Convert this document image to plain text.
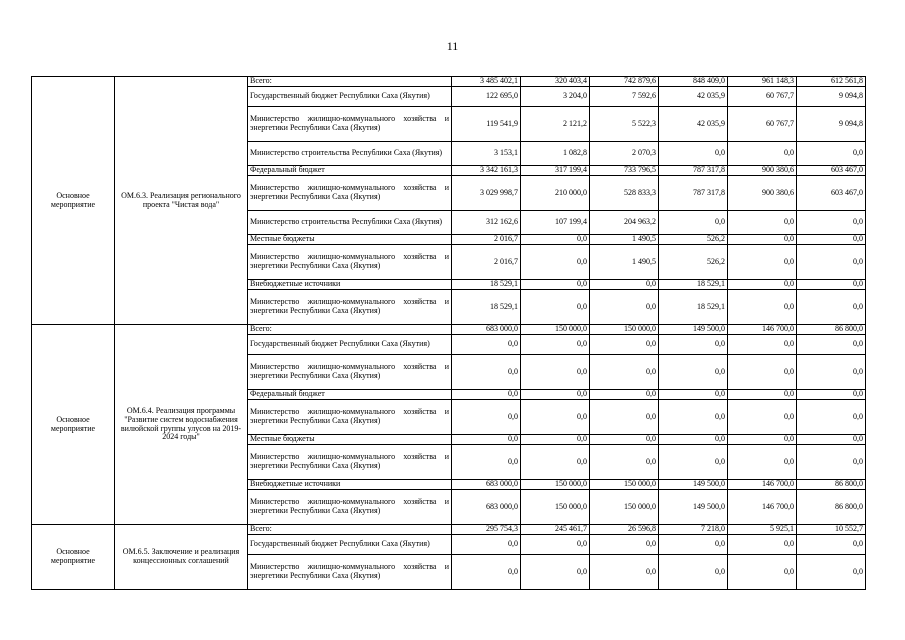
11
Основное мероприятие	ОМ.6.3. Реализация регионального проекта "Чистая вода"	Всего:	3 485 402,1	320 403,4	742 879,6	848 409,0	961 148,3	612 561,8
		Государственный бюджет Республики Саха (Якутия)	122 695,0	3 204,0	7 592,6	42 035,9	60 767,7	9 094,8
		Министерство жилищно-коммунального хозяйства и энергетики Республики Саха (Якутия)	119 541,9	2 121,2	5 522,3	42 035,9	60 767,7	9 094,8
		Министерство строительства Республики Саха (Якутия)	3 153,1	1 082,8	2 070,3	0,0	0,0	0,0
		Федеральный бюджет	3 342 161,3	317 199,4	733 796,5	787 317,8	900 380,6	603 467,0
		Министерство жилищно-коммунального хозяйства и энергетики Республики Саха (Якутия)	3 029 998,7	210 000,0	528 833,3	787 317,8	900 380,6	603 467,0
		Министерство строительства Республики Саха (Якутия)	312 162,6	107 199,4	204 963,2	0,0	0,0	0,0
		Местные бюджеты	2 016,7	0,0	1 490,5	526,2	0,0	0,0
		Министерство жилищно-коммунального хозяйства и энергетики Республики Саха (Якутия)	2 016,7	0,0	1 490,5	526,2	0,0	0,0
		Внебюджетные источники	18 529,1	0,0	0,0	18 529,1	0,0	0,0
		Министерство жилищно-коммунального хозяйства и энергетики Республики Саха (Якутия)	18 529,1	0,0	0,0	18 529,1	0,0	0,0
Основное мероприятие	ОМ.6.4. Реализация программы "Развитие систем водоснабжения вилюйской группы улусов на 2019-2024 годы"	Всего:	683 000,0	150 000,0	150 000,0	149 500,0	146 700,0	86 800,0
		Государственный бюджет Республики Саха (Якутия)	0,0	0,0	0,0	0,0	0,0	0,0
		Министерство жилищно-коммунального хозяйства и энергетики Республики Саха (Якутия)	0,0	0,0	0,0	0,0	0,0	0,0
		Федеральный бюджет	0,0	0,0	0,0	0,0	0,0	0,0
		Министерство жилищно-коммунального хозяйства и энергетики Республики Саха (Якутия)	0,0	0,0	0,0	0,0	0,0	0,0
		Местные бюджеты	0,0	0,0	0,0	0,0	0,0	0,0
		Министерство жилищно-коммунального хозяйства и энергетики Республики Саха (Якутия)	0,0	0,0	0,0	0,0	0,0	0,0
		Внебюджетные источники	683 000,0	150 000,0	150 000,0	149 500,0	146 700,0	86 800,0
		Министерство жилищно-коммунального хозяйства и энергетики Республики Саха (Якутия)	683 000,0	150 000,0	150 000,0	149 500,0	146 700,0	86 800,0
Основное мероприятие	ОМ.6.5. Заключение и реализация концессионных соглашений	Всего:	295 754,3	245 461,7	26 596,8	7 218,0	5 925,1	10 552,7
		Государственный бюджет Республики Саха (Якутия)	0,0	0,0	0,0	0,0	0,0	0,0
		Министерство жилищно-коммунального хозяйства и энергетики Республики Саха (Якутия)	0,0	0,0	0,0	0,0	0,0	0,0
